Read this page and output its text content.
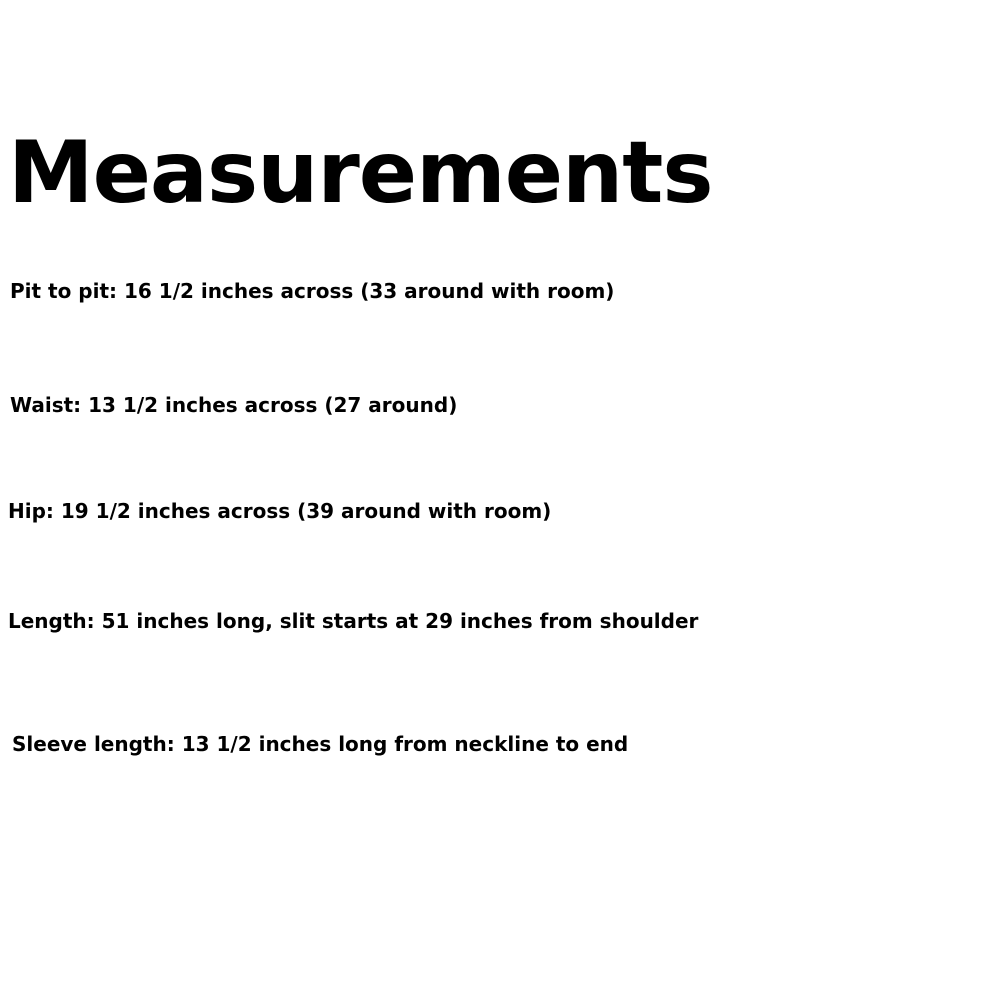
Measurements

Pit to pit: 16 1/2 inches across (33 around with room)

Waist: 13 1/2 inches across (27 around)

Hip: 19 1/2 inches across (39 around with room)

Length: 51 inches long, slit starts at 29 inches from shoulder

Sleeve length: 13 1/2 inches long from neckline to end
